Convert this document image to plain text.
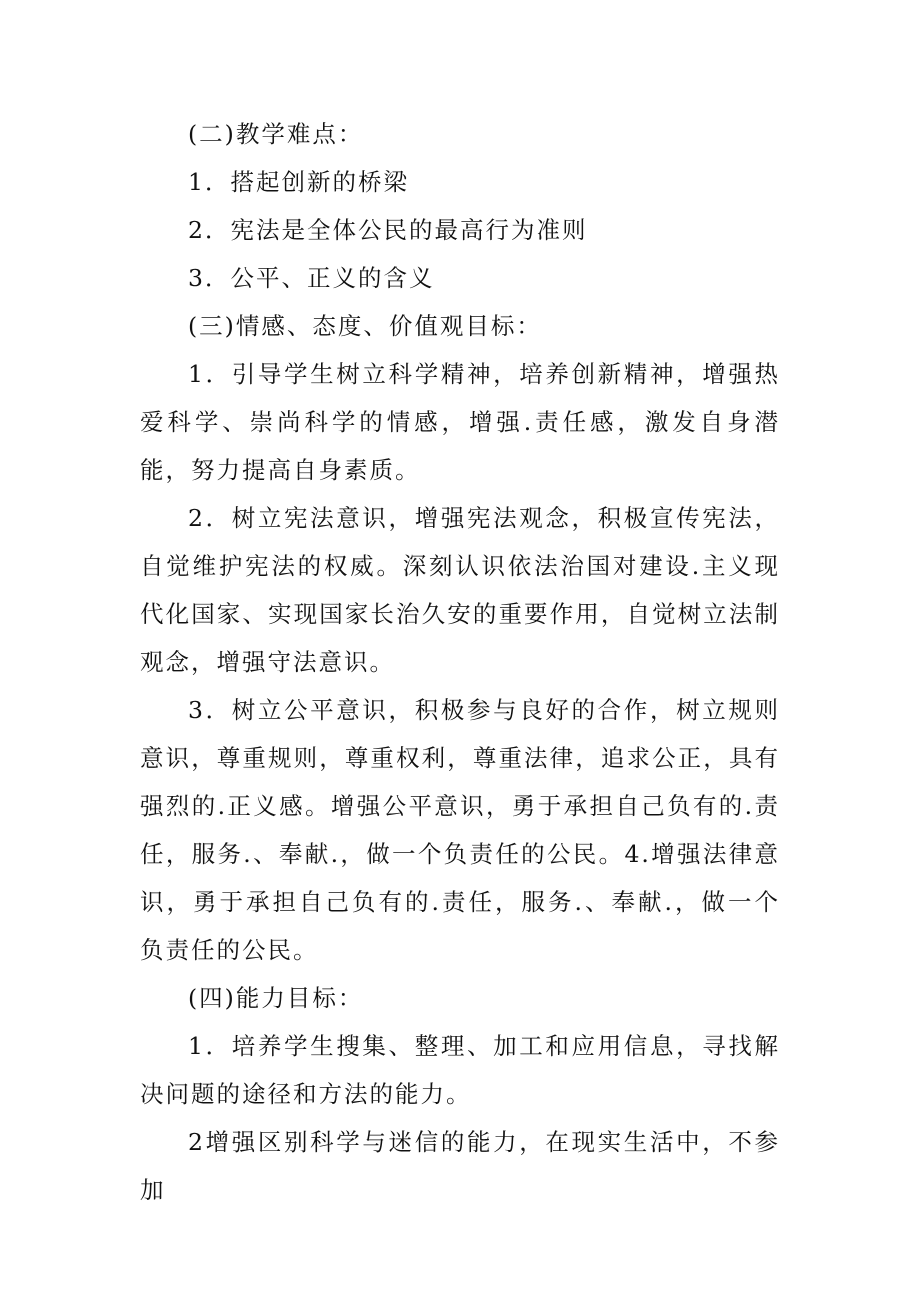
(二)教学难点：

1．搭起创新的桥梁

2．宪法是全体公民的最高行为准则

3．公平、正义的含义

(三)情感、态度、价值观目标：

1．引导学生树立科学精神，培养创新精神，增强热爱科学、崇尚科学的情感，增强.责任感，激发自身潜能，努力提高自身素质。

2．树立宪法意识，增强宪法观念，积极宣传宪法，自觉维护宪法的权威。深刻认识依法治国对建设.主义现代化国家、实现国家长治久安的重要作用，自觉树立法制观念，增强守法意识。

3．树立公平意识，积极参与良好的合作，树立规则意识，尊重规则，尊重权利，尊重法律，追求公正，具有强烈的.正义感。增强公平意识，勇于承担自己负有的.责任，服务.、奉献.，做一个负责任的公民。4.增强法律意识，勇于承担自己负有的.责任，服务.、奉献.，做一个负责任的公民。

(四)能力目标：

1．培养学生搜集、整理、加工和应用信息，寻找解决问题的途径和方法的能力。

2增强区别科学与迷信的能力，在现实生活中，不参加
